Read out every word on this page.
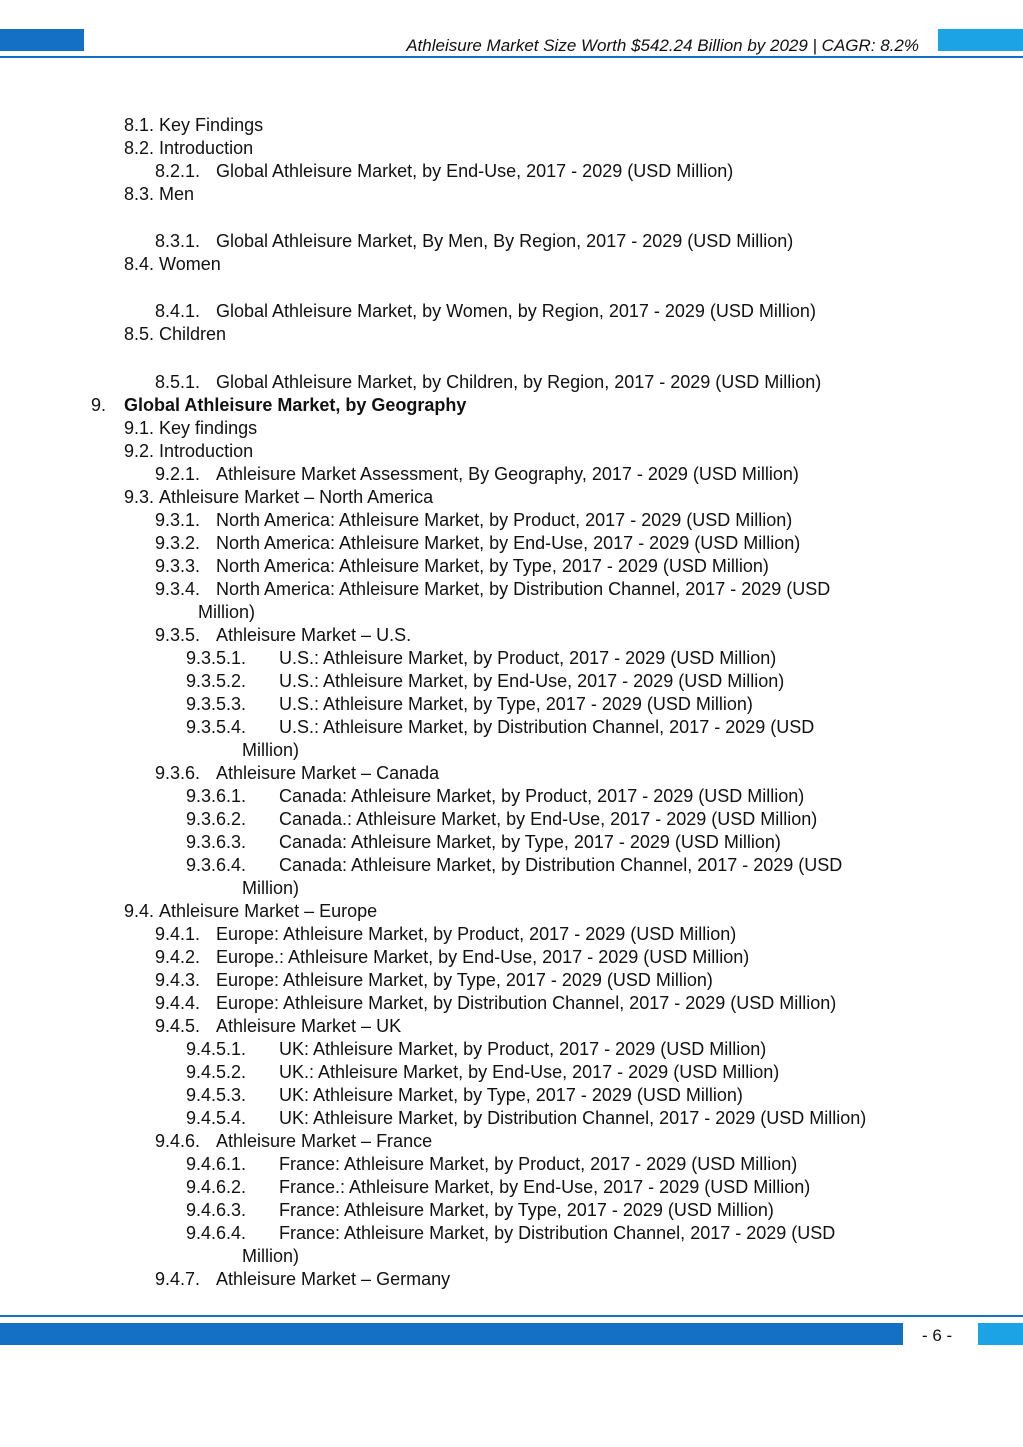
Athleisure Market Size Worth $542.24 Billion by 2029 | CAGR: 8.2%
8.1. Key Findings
8.2. Introduction
8.2.1. Global Athleisure Market, by End-Use, 2017 - 2029 (USD Million)
8.3. Men
8.3.1. Global Athleisure Market, By Men, By Region, 2017 - 2029 (USD Million)
8.4. Women
8.4.1. Global Athleisure Market, by Women, by Region, 2017 - 2029 (USD Million)
8.5. Children
8.5.1. Global Athleisure Market, by Children, by Region, 2017 - 2029 (USD Million)
9. Global Athleisure Market, by Geography
9.1. Key findings
9.2. Introduction
9.2.1. Athleisure Market Assessment, By Geography, 2017 - 2029 (USD Million)
9.3. Athleisure Market – North America
9.3.1. North America: Athleisure Market, by Product, 2017 - 2029 (USD Million)
9.3.2. North America: Athleisure Market, by End-Use, 2017 - 2029 (USD Million)
9.3.3. North America: Athleisure Market, by Type, 2017 - 2029 (USD Million)
9.3.4. North America: Athleisure Market, by Distribution Channel, 2017 - 2029 (USD
Million)
9.3.5. Athleisure Market – U.S.
9.3.5.1. U.S.: Athleisure Market, by Product, 2017 - 2029 (USD Million)
9.3.5.2. U.S.: Athleisure Market, by End-Use, 2017 - 2029 (USD Million)
9.3.5.3. U.S.: Athleisure Market, by Type, 2017 - 2029 (USD Million)
9.3.5.4. U.S.: Athleisure Market, by Distribution Channel, 2017 - 2029 (USD
Million)
9.3.6. Athleisure Market – Canada
9.3.6.1. Canada: Athleisure Market, by Product, 2017 - 2029 (USD Million)
9.3.6.2. Canada.: Athleisure Market, by End-Use, 2017 - 2029 (USD Million)
9.3.6.3. Canada: Athleisure Market, by Type, 2017 - 2029 (USD Million)
9.3.6.4. Canada: Athleisure Market, by Distribution Channel, 2017 - 2029 (USD
Million)
9.4. Athleisure Market – Europe
9.4.1. Europe: Athleisure Market, by Product, 2017 - 2029 (USD Million)
9.4.2. Europe.: Athleisure Market, by End-Use, 2017 - 2029 (USD Million)
9.4.3. Europe: Athleisure Market, by Type, 2017 - 2029 (USD Million)
9.4.4. Europe: Athleisure Market, by Distribution Channel, 2017 - 2029 (USD Million)
9.4.5. Athleisure Market – UK
9.4.5.1. UK: Athleisure Market, by Product, 2017 - 2029 (USD Million)
9.4.5.2. UK.: Athleisure Market, by End-Use, 2017 - 2029 (USD Million)
9.4.5.3. UK: Athleisure Market, by Type, 2017 - 2029 (USD Million)
9.4.5.4. UK: Athleisure Market, by Distribution Channel, 2017 - 2029 (USD Million)
9.4.6. Athleisure Market – France
9.4.6.1. France: Athleisure Market, by Product, 2017 - 2029 (USD Million)
9.4.6.2. France.: Athleisure Market, by End-Use, 2017 - 2029 (USD Million)
9.4.6.3. France: Athleisure Market, by Type, 2017 - 2029 (USD Million)
9.4.6.4. France: Athleisure Market, by Distribution Channel, 2017 - 2029 (USD
Million)
9.4.7. Athleisure Market – Germany
- 6 -
